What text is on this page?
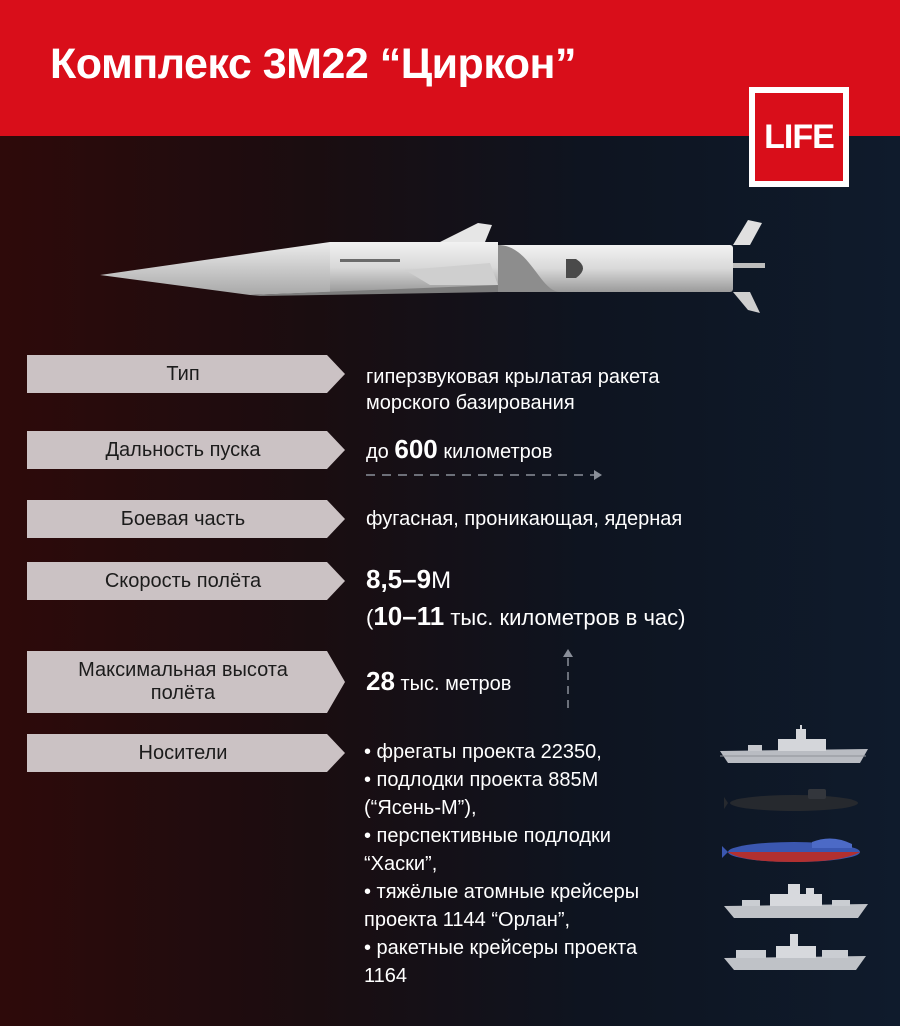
Комплекс 3М22 “Циркон”
LIFE
Тип	гиперзвуковая крылатая ракета
морского базирования
Дальность пуска	до 600 километров
Боевая часть	фугасная, проникающая, ядерная
Скорость полёта	8,5–9М
(10–11 тыс. километров в час)
Максимальная высота
полёта	28 тыс. метров
Носители	• фрегаты проекта 22350,
• подлодки проекта 885М
(“Ясень-М”),
• перспективные подлодки
“Хаски”,
• тяжёлые атомные крейсеры
проекта 1144 “Орлан”,
• ракетные крейсеры проекта
1164
